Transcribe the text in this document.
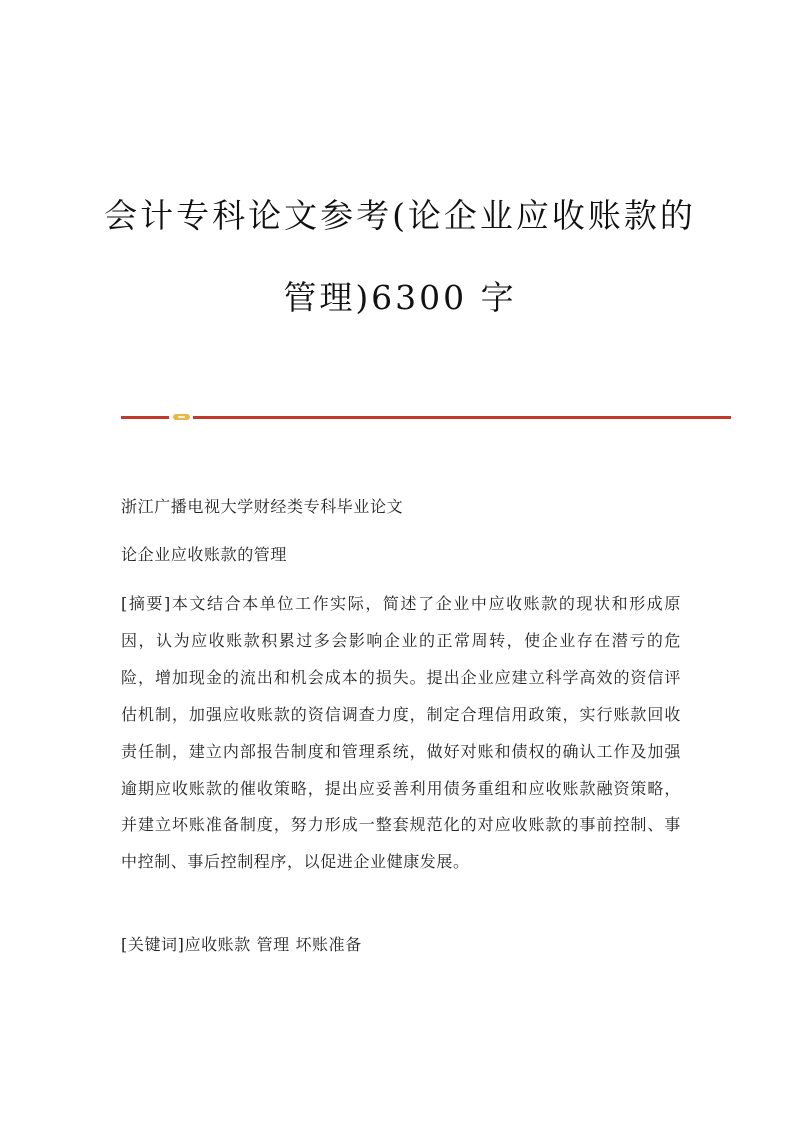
会计专科论文参考(论企业应收账款的
管理)6300 字
浙江广播电视大学财经类专科毕业论文
论企业应收账款的管理
[摘要]本文结合本单位工作实际，简述了企业中应收账款的现状和形成原因，认为应收账款积累过多会影响企业的正常周转，使企业存在潜亏的危险，增加现金的流出和机会成本的损失。提出企业应建立科学高效的资信评估机制，加强应收账款的资信调查力度，制定合理信用政策，实行账款回收责任制，建立内部报告制度和管理系统，做好对账和债权的确认工作及加强逾期应收账款的催收策略，提出应妥善利用债务重组和应收账款融资策略，并建立坏账准备制度，努力形成一整套规范化的对应收账款的事前控制、事中控制、事后控制程序，以促进企业健康发展。
[关键词]应收账款 管理 坏账准备
